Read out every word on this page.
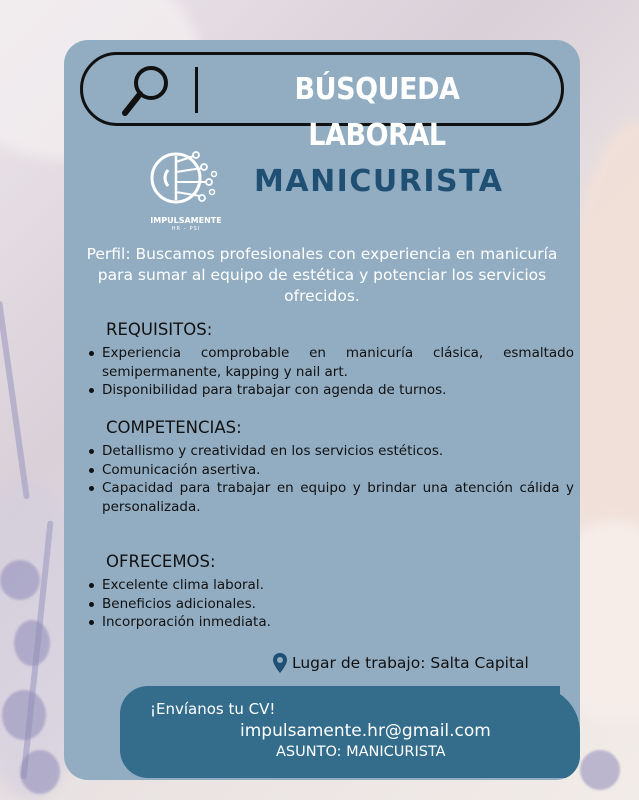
BÚSQUEDA LABORAL
IMPULSAMENTE
HR – PSI
MANICURISTA
Perfil: Buscamos profesionales con experiencia en manicuría para sumar al equipo de estética y potenciar los servicios ofrecidos.
REQUISITOS:
Experiencia comprobable en manicuría clásica, esmaltado semipermanente, kapping y nail art.
Disponibilidad para trabajar con agenda de turnos.
COMPETENCIAS:
Detallismo y creatividad en los servicios estéticos.
Comunicación asertiva.
Capacidad para trabajar en equipo y brindar una atención cálida y personalizada.
OFRECEMOS:
Excelente clima laboral.
Beneficios adicionales.
Incorporación inmediata.
Lugar de trabajo: Salta Capital
¡Envíanos tu CV!
impulsamente.hr@gmail.com
ASUNTO: MANICURISTA
